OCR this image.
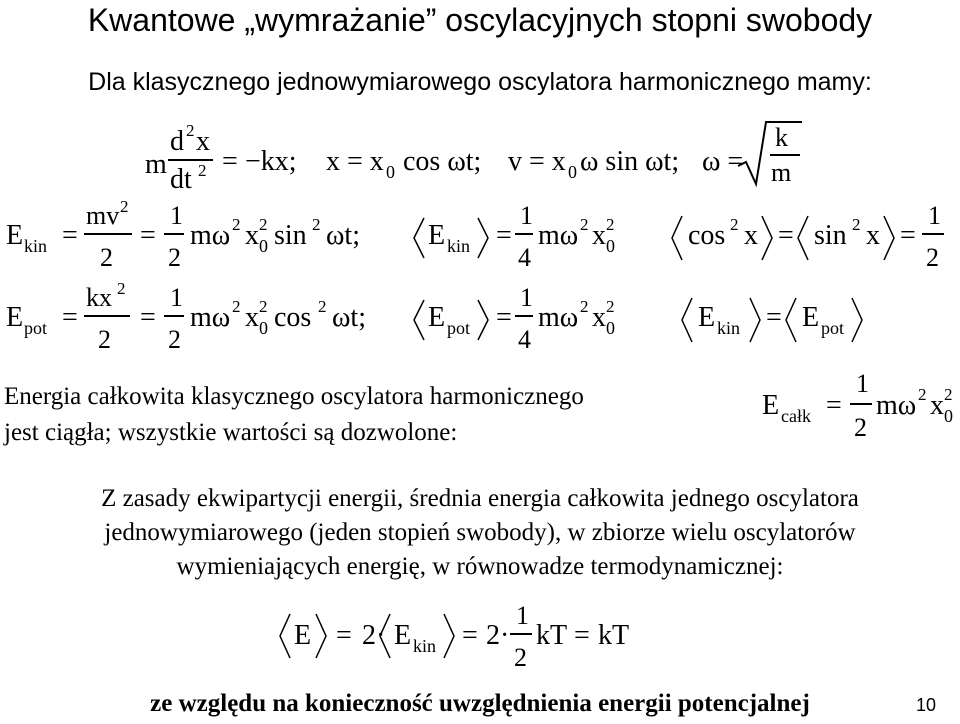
Kwantowe „wymrażanie” oscylacyjnych stopni swobody
Dla klasycznego jednowymiarowego oscylatora harmonicznego mamy:
m
d 2 x
dt 2 = −kx; x = x 0 cos ωt; v = x 0 ω sin ωt; ω =
k
m
E kin =
mv 2
2
=
1
2
mω 2 x 2
0 sin 2 ωt; E kin =
1
4
mω 2 x 2
0	cos 2 x = sin 2 x =
1
2
E pot =
kx 2
2
=
1
2
mω 2 x 2
0 cos 2 ωt; E pot =
1
4
mω 2 x 2
0	E kin = E pot
Energia całkowita klasycznego oscylatora harmonicznego
jest ciągła; wszystkie wartości są dozwolone:
E całk =
1
2
mω 2 x 2
0
Z zasady ekwipartycji energii, średnia energia całkowita jednego oscylatora
jednowymiarowego (jeden stopień swobody), w zbiorze wielu oscylatorów
wymieniających energię, w równowadze termodynamicznej:
E = 2· E kin = 2·
1
2
kT = kT
ze względu na konieczność uwzględnienia energii potencjalnej	10
